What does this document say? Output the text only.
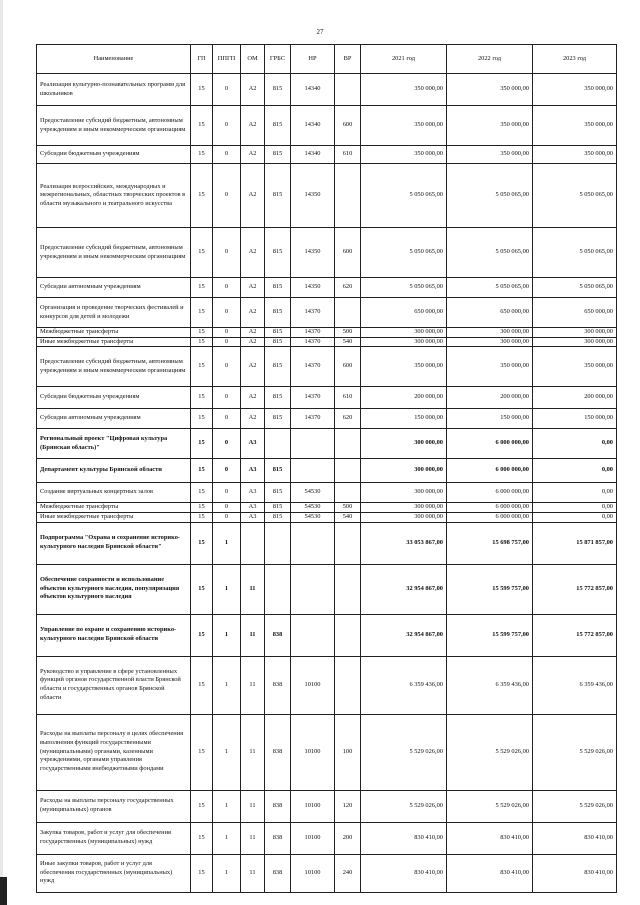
27
Наименование	ГП	ППГП	ОМ	ГРБС	НР	ВР	2021 год	2022 год	2023 год
Реализация культурно-познавательных программ для школьников	15	0	А2	815	14340		350 000,00	350 000,00	350 000,00
Предоставление субсидий бюджетным, автономным учреждениям и иным некоммерческим организациям	15	0	А2	815	14340	600	350 000,00	350 000,00	350 000,00
Субсидии бюджетным учреждениям	15	0	А2	815	14340	610	350 000,00	350 000,00	350 000,00
Реализация всероссийских, международных и межрегиональных, областных творческих проектов в области музыкального и театрального искусства	15	0	А2	815	14350		5 050 065,00	5 050 065,00	5 050 065,00
Предоставление субсидий бюджетным, автономным учреждениям и иным некоммерческим организациям	15	0	А2	815	14350	600	5 050 065,00	5 050 065,00	5 050 065,00
Субсидии автономным учреждениям	15	0	А2	815	14350	620	5 050 065,00	5 050 065,00	5 050 065,00
Организация и проведение творческих фестивалей и конкурсов для детей и молодежи	15	0	А2	815	14370		650 000,00	650 000,00	650 000,00
Межбюджетные трансферты	15	0	А2	815	14370	500	300 000,00	300 000,00	300 000,00
Иные межбюджетные трансферты	15	0	А2	815	14370	540	300 000,00	300 000,00	300 000,00
Предоставление субсидий бюджетным, автономным учреждениям и иным некоммерческим организациям	15	0	А2	815	14370	600	350 000,00	350 000,00	350 000,00
Субсидии бюджетным учреждениям	15	0	А2	815	14370	610	200 000,00	200 000,00	200 000,00
Субсидии автономным учреждениям	15	0	А2	815	14370	620	150 000,00	150 000,00	150 000,00
Региональный проект "Цифровая культура (Брянская область)"	15	0	А3				300 000,00	6 000 000,00	0,00
Департамент культуры Брянской области	15	0	А3	815			300 000,00	6 000 000,00	0,00
Создание виртуальных концертных залов	15	0	А3	815	54530		300 000,00	6 000 000,00	0,00
Межбюджетные трансферты	15	0	А3	815	54530	500	300 000,00	6 000 000,00	0,00
Иные межбюджетные трансферты	15	0	А3	815	54530	540	300 000,00	6 000 000,00	0,00
Подпрограмма "Охрана и сохранение историко-культурного наследия Брянской области"	15	1					33 053 867,00	15 698 757,00	15 871 857,00
Обеспечение сохранности и использование объектов культурного наследия, популяризация объектов культурного наследия	15	1	11				32 954 867,00	15 599 757,00	15 772 857,00
Управление по охране и сохранению историко-культурного наследия Брянской области	15	1	11	838			32 954 867,00	15 599 757,00	15 772 857,00
Руководство и управление в сфере установленных функций органов государственной власти Брянской области и государственных органов Брянской области	15	1	11	838	10100		6 359 436,00	6 359 436,00	6 359 436,00
Расходы на выплаты персоналу в целях обеспечения выполнения функций государственными (муниципальными) органами, казенными учреждениями, органами управления государственными внебюджетными фондами	15	1	11	838	10100	100	5 529 026,00	5 529 026,00	5 529 026,00
Расходы на выплаты персоналу государственных (муниципальных) органов	15	1	11	838	10100	120	5 529 026,00	5 529 026,00	5 529 026,00
Закупка товаров, работ и услуг для обеспечения государственных (муниципальных) нужд	15	1	11	838	10100	200	830 410,00	830 410,00	830 410,00
Иные закупки товаров, работ и услуг для обеспечения государственных (муниципальных) нужд	15	1	11	838	10100	240	830 410,00	830 410,00	830 410,00
